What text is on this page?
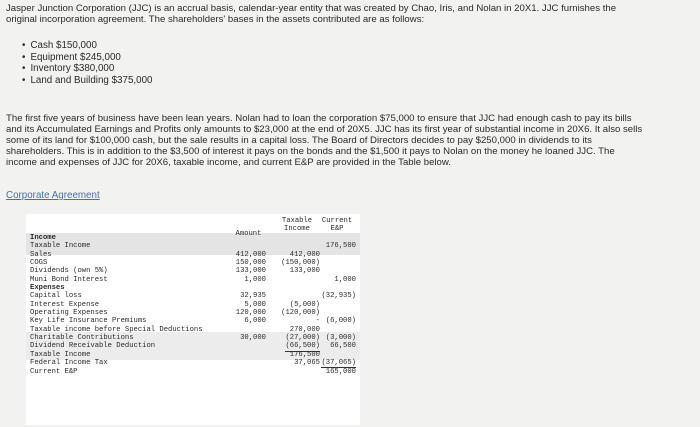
Jasper Junction Corporation (JJC) is an accrual basis, calendar-year entity that was created by Chao, Iris, and Nolan in 20X1. JJC furnishes the original incorporation agreement. The shareholders' bases in the assets contributed are as follows:

• Cash $150,000
• Equipment $245,000
• Inventory $380,000
• Land and Building $375,000

The first five years of business have been lean years. Nolan had to loan the corporation $75,000 to ensure that JJC had enough cash to pay its bills and its Accumulated Earnings and Profits only amounts to $23,000 at the end of 20X5. JJC has its first year of substantial income in 20X6. It also sells some of its land for $100,000 cash, but the sale results in a capital loss. The Board of Directors decides to pay $250,000 in dividends to its shareholders. This is in addition to the $3,500 of interest it pays on the bonds and the $1,500 it pays to Nolan on the money he loaned JJC. The income and expenses of JJC for 20X6, taxable income, and current E&P are provided in the Table below.

Corporate Agreement
Amount
Taxable
Income
Current
E&P
Income
Taxable Income
Sales
COGS
Dividends (own 5%)
Muni Bond Interest
Expenses
Capital loss
Interest Expense
Operating Expenses
Key Life Insurance Premiums
Taxable income before Special Deductions
Charitable Contributions
Dividend Receivable Deduction
Taxable Income
Federal Income Tax
Current E&P
412,000
150,000
133,000
1,000
32,935
5,000
120,000
6,000
30,000
412,000
(150,000)
133,000
(5,000)
(120,000)
-
270,000
(27,000)
(66,500)
176,500
37,065
176,500
1,000
(32,935)
(6,000)
(3,000)
66,500
(37,065)
165,000
